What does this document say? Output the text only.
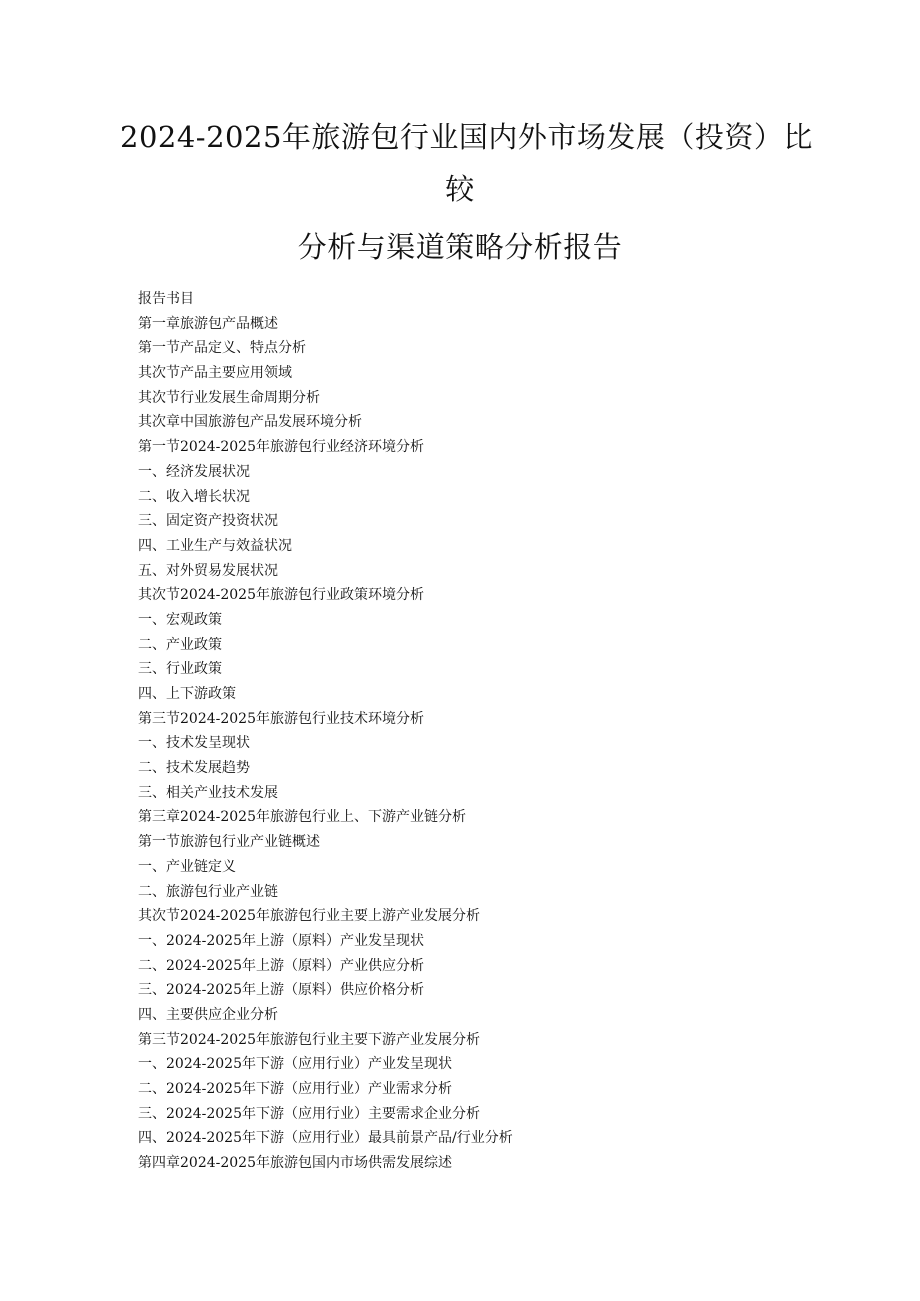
2024-2025年旅游包行业国内外市场发展（投资）比
较
分析与渠道策略分析报告
报告书目
第一章旅游包产品概述
第一节产品定义、特点分析
其次节产品主要应用领域
其次节行业发展生命周期分析
其次章中国旅游包产品发展环境分析
第一节2024-2025年旅游包行业经济环境分析
一、经济发展状况
二、收入增长状况
三、固定资产投资状况
四、工业生产与效益状况
五、对外贸易发展状况
其次节2024-2025年旅游包行业政策环境分析
一、宏观政策
二、产业政策
三、行业政策
四、上下游政策
第三节2024-2025年旅游包行业技术环境分析
一、技术发呈现状
二、技术发展趋势
三、相关产业技术发展
第三章2024-2025年旅游包行业上、下游产业链分析
第一节旅游包行业产业链概述
一、产业链定义
二、旅游包行业产业链
其次节2024-2025年旅游包行业主要上游产业发展分析
一、2024-2025年上游（原料）产业发呈现状
二、2024-2025年上游（原料）产业供应分析
三、2024-2025年上游（原料）供应价格分析
四、主要供应企业分析
第三节2024-2025年旅游包行业主要下游产业发展分析
一、2024-2025年下游（应用行业）产业发呈现状
二、2024-2025年下游（应用行业）产业需求分析
三、2024-2025年下游（应用行业）主要需求企业分析
四、2024-2025年下游（应用行业）最具前景产品/行业分析
第四章2024-2025年旅游包国内市场供需发展综述
